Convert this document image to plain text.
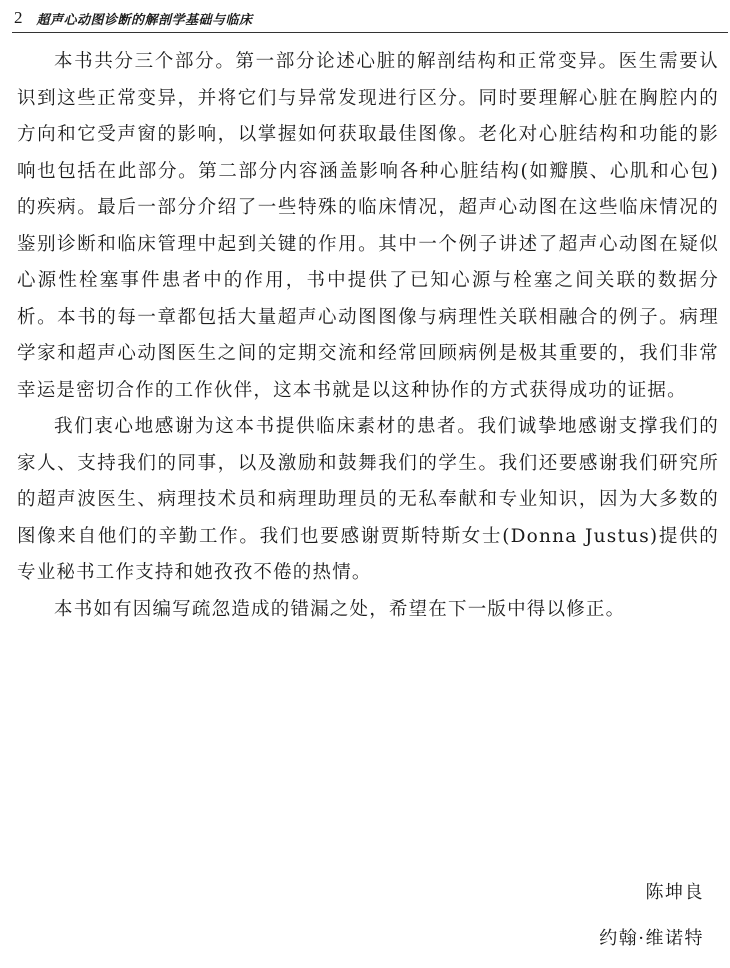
2 超声心动图诊断的解剖学基础与临床

本书共分三个部分。第一部分论述心脏的解剖结构和正常变异。医生需要认识到这些正常变异，并将它们与异常发现进行区分。同时要理解心脏在胸腔内的方向和它受声窗的影响，以掌握如何获取最佳图像。老化对心脏结构和功能的影响也包括在此部分。第二部分内容涵盖影响各种心脏结构(如瓣膜、心肌和心包)的疾病。最后一部分介绍了一些特殊的临床情况，超声心动图在这些临床情况的鉴别诊断和临床管理中起到关键的作用。其中一个例子讲述了超声心动图在疑似心源性栓塞事件患者中的作用，书中提供了已知心源与栓塞之间关联的数据分析。本书的每一章都包括大量超声心动图图像与病理性关联相融合的例子。病理学家和超声心动图医生之间的定期交流和经常回顾病例是极其重要的，我们非常幸运是密切合作的工作伙伴，这本书就是以这种协作的方式获得成功的证据。

我们衷心地感谢为这本书提供临床素材的患者。我们诚挚地感谢支撑我们的家人、支持我们的同事，以及激励和鼓舞我们的学生。我们还要感谢我们研究所的超声波医生、病理技术员和病理助理员的无私奉献和专业知识，因为大多数的图像来自他们的辛勤工作。我们也要感谢贾斯特斯女士(Donna Justus)提供的专业秘书工作支持和她孜孜不倦的热情。

本书如有因编写疏忽造成的错漏之处，希望在下一版中得以修正。

陈坤良
约翰·维诺特
